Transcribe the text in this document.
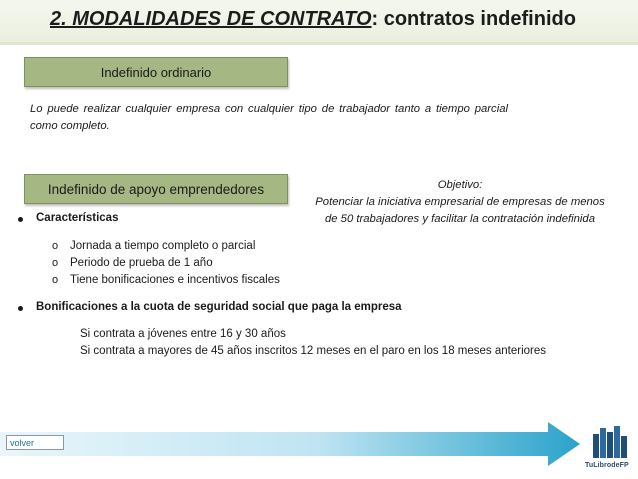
2. MODALIDADES DE CONTRATO: contratos indefinido
Indefinido ordinario
Lo puede realizar cualquier empresa con cualquier tipo de trabajador tanto a tiempo parcial como completo.
Indefinido de apoyo emprendedores	Objetivo:
Potenciar la iniciativa empresarial de empresas de menos de 50 trabajadores y facilitar la contratación indefinida
Características
o Jornada a tiempo completo o parcial
o Periodo de prueba de 1 año
o Tiene bonificaciones e incentivos fiscales
Bonificaciones a la cuota de seguridad social que paga la empresa
Si contrata a jóvenes entre 16 y 30 años
Si contrata a mayores de 45 años inscritos 12 meses en el paro en los 18 meses anteriores
volver
TuLibrodeFP
